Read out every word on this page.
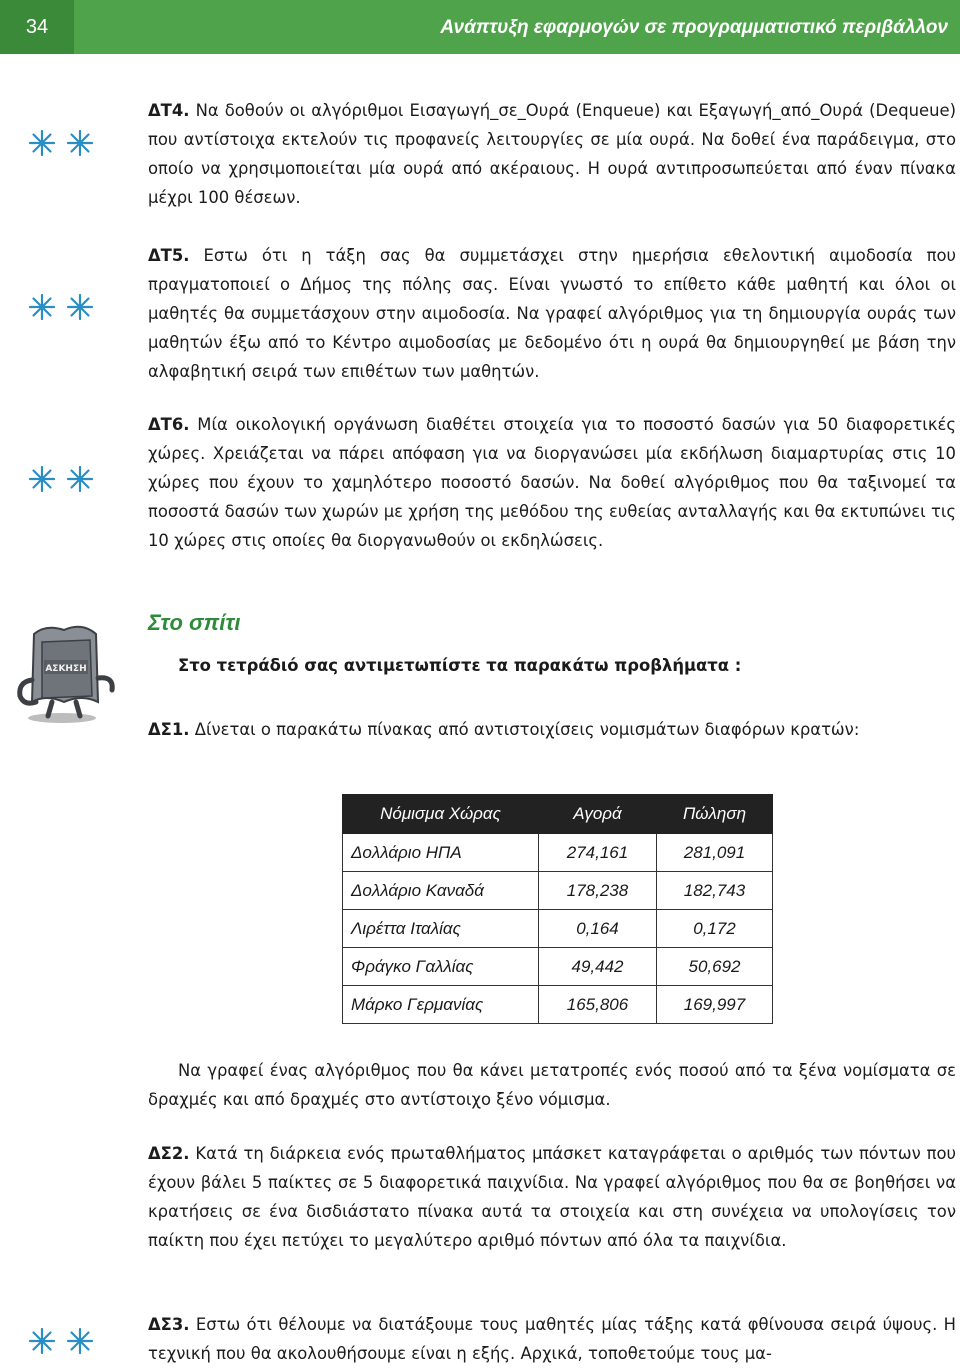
34	Ανάπτυξη εφαρμογών σε προγραμματιστικό περιβάλλον

ΔΤ4. Να δοθούν οι αλγόριθμοι Εισαγωγή_σε_Ουρά (Enqueue) και Εξαγωγή_από_Ουρά (Dequeue) που αντίστοιχα εκτελούν τις προφανείς λειτουργίες σε μία ουρά. Να δοθεί ένα παράδειγμα, στο οποίο να χρησιμοποιείται μία ουρά από ακέραιους. Η ουρά αντιπροσωπεύεται από έναν πίνακα μέχρι 100 θέσεων.

ΔΤ5. Εστω ότι η τάξη σας θα συμμετάσχει στην ημερήσια εθελοντική αιμοδοσία που πραγματοποιεί ο Δήμος της πόλης σας. Είναι γνωστό το επίθετο κάθε μαθητή και όλοι οι μαθητές θα συμμετάσχουν στην αιμοδοσία. Να γραφεί αλγόριθμος για τη δημιουργία ουράς των μαθητών έξω από το Κέντρο αιμοδοσίας με δεδομένο ότι η ουρά θα δημιουργηθεί με βάση την αλφαβητική σειρά των επιθέτων των μαθητών.

ΔΤ6. Μία οικολογική οργάνωση διαθέτει στοιχεία για το ποσοστό δασών για 50 διαφορετικές χώρες. Χρειάζεται να πάρει απόφαση για να διοργανώσει μία εκδήλωση διαμαρτυρίας στις 10 χώρες που έχουν το χαμηλότερο ποσοστό δασών. Να δοθεί αλγόριθμος που θα ταξινομεί τα ποσοστά δασών των χωρών με χρήση της μεθόδου της ευθείας ανταλλαγής και θα εκτυπώνει τις 10 χώρες στις οποίες θα διοργανωθούν οι εκδηλώσεις.

Στο σπίτι
ΑΣΚΗΣΗ	Στο τετράδιό σας αντιμετωπίστε τα παρακάτω προβλήματα :

ΔΣ1. Δίνεται ο παρακάτω πίνακας από αντιστοιχίσεις νομισμάτων διαφόρων κρατών:

Νόμισμα Χώρας	Αγορά	Πώληση
Δολλάριο ΗΠΑ	274,161	281,091
Δολλάριο Καναδά	178,238	182,743
Λιρέττα Ιταλίας	0,164	0,172
Φράγκο Γαλλίας	49,442	50,692
Μάρκο Γερμανίας	165,806	169,997

Να γραφεί ένας αλγόριθμος που θα κάνει μετατροπές ενός ποσού από τα ξένα νομίσματα σε δραχμές και από δραχμές στο αντίστοιχο ξένο νόμισμα.

ΔΣ2. Κατά τη διάρκεια ενός πρωταθλήματος μπάσκετ καταγράφεται ο αριθμός των πόντων που έχουν βάλει 5 παίκτες σε 5 διαφορετικά παιχνίδια. Να γραφεί αλγόριθμος που θα σε βοηθήσει να κρατήσεις σε ένα δισδιάστατο πίνακα αυτά τα στοιχεία και στη συνέχεια να υπολογίσεις τον παίκτη που έχει πετύχει το μεγαλύτερο αριθμό πόντων από όλα τα παιχνίδια.

ΔΣ3. Εστω ότι θέλουμε να διατάξουμε τους μαθητές μίας τάξης κατά φθίνουσα σειρά ύψους. Η τεχνική που θα ακολουθήσουμε είναι η εξής. Αρχικά, τοποθετούμε τους μα-
